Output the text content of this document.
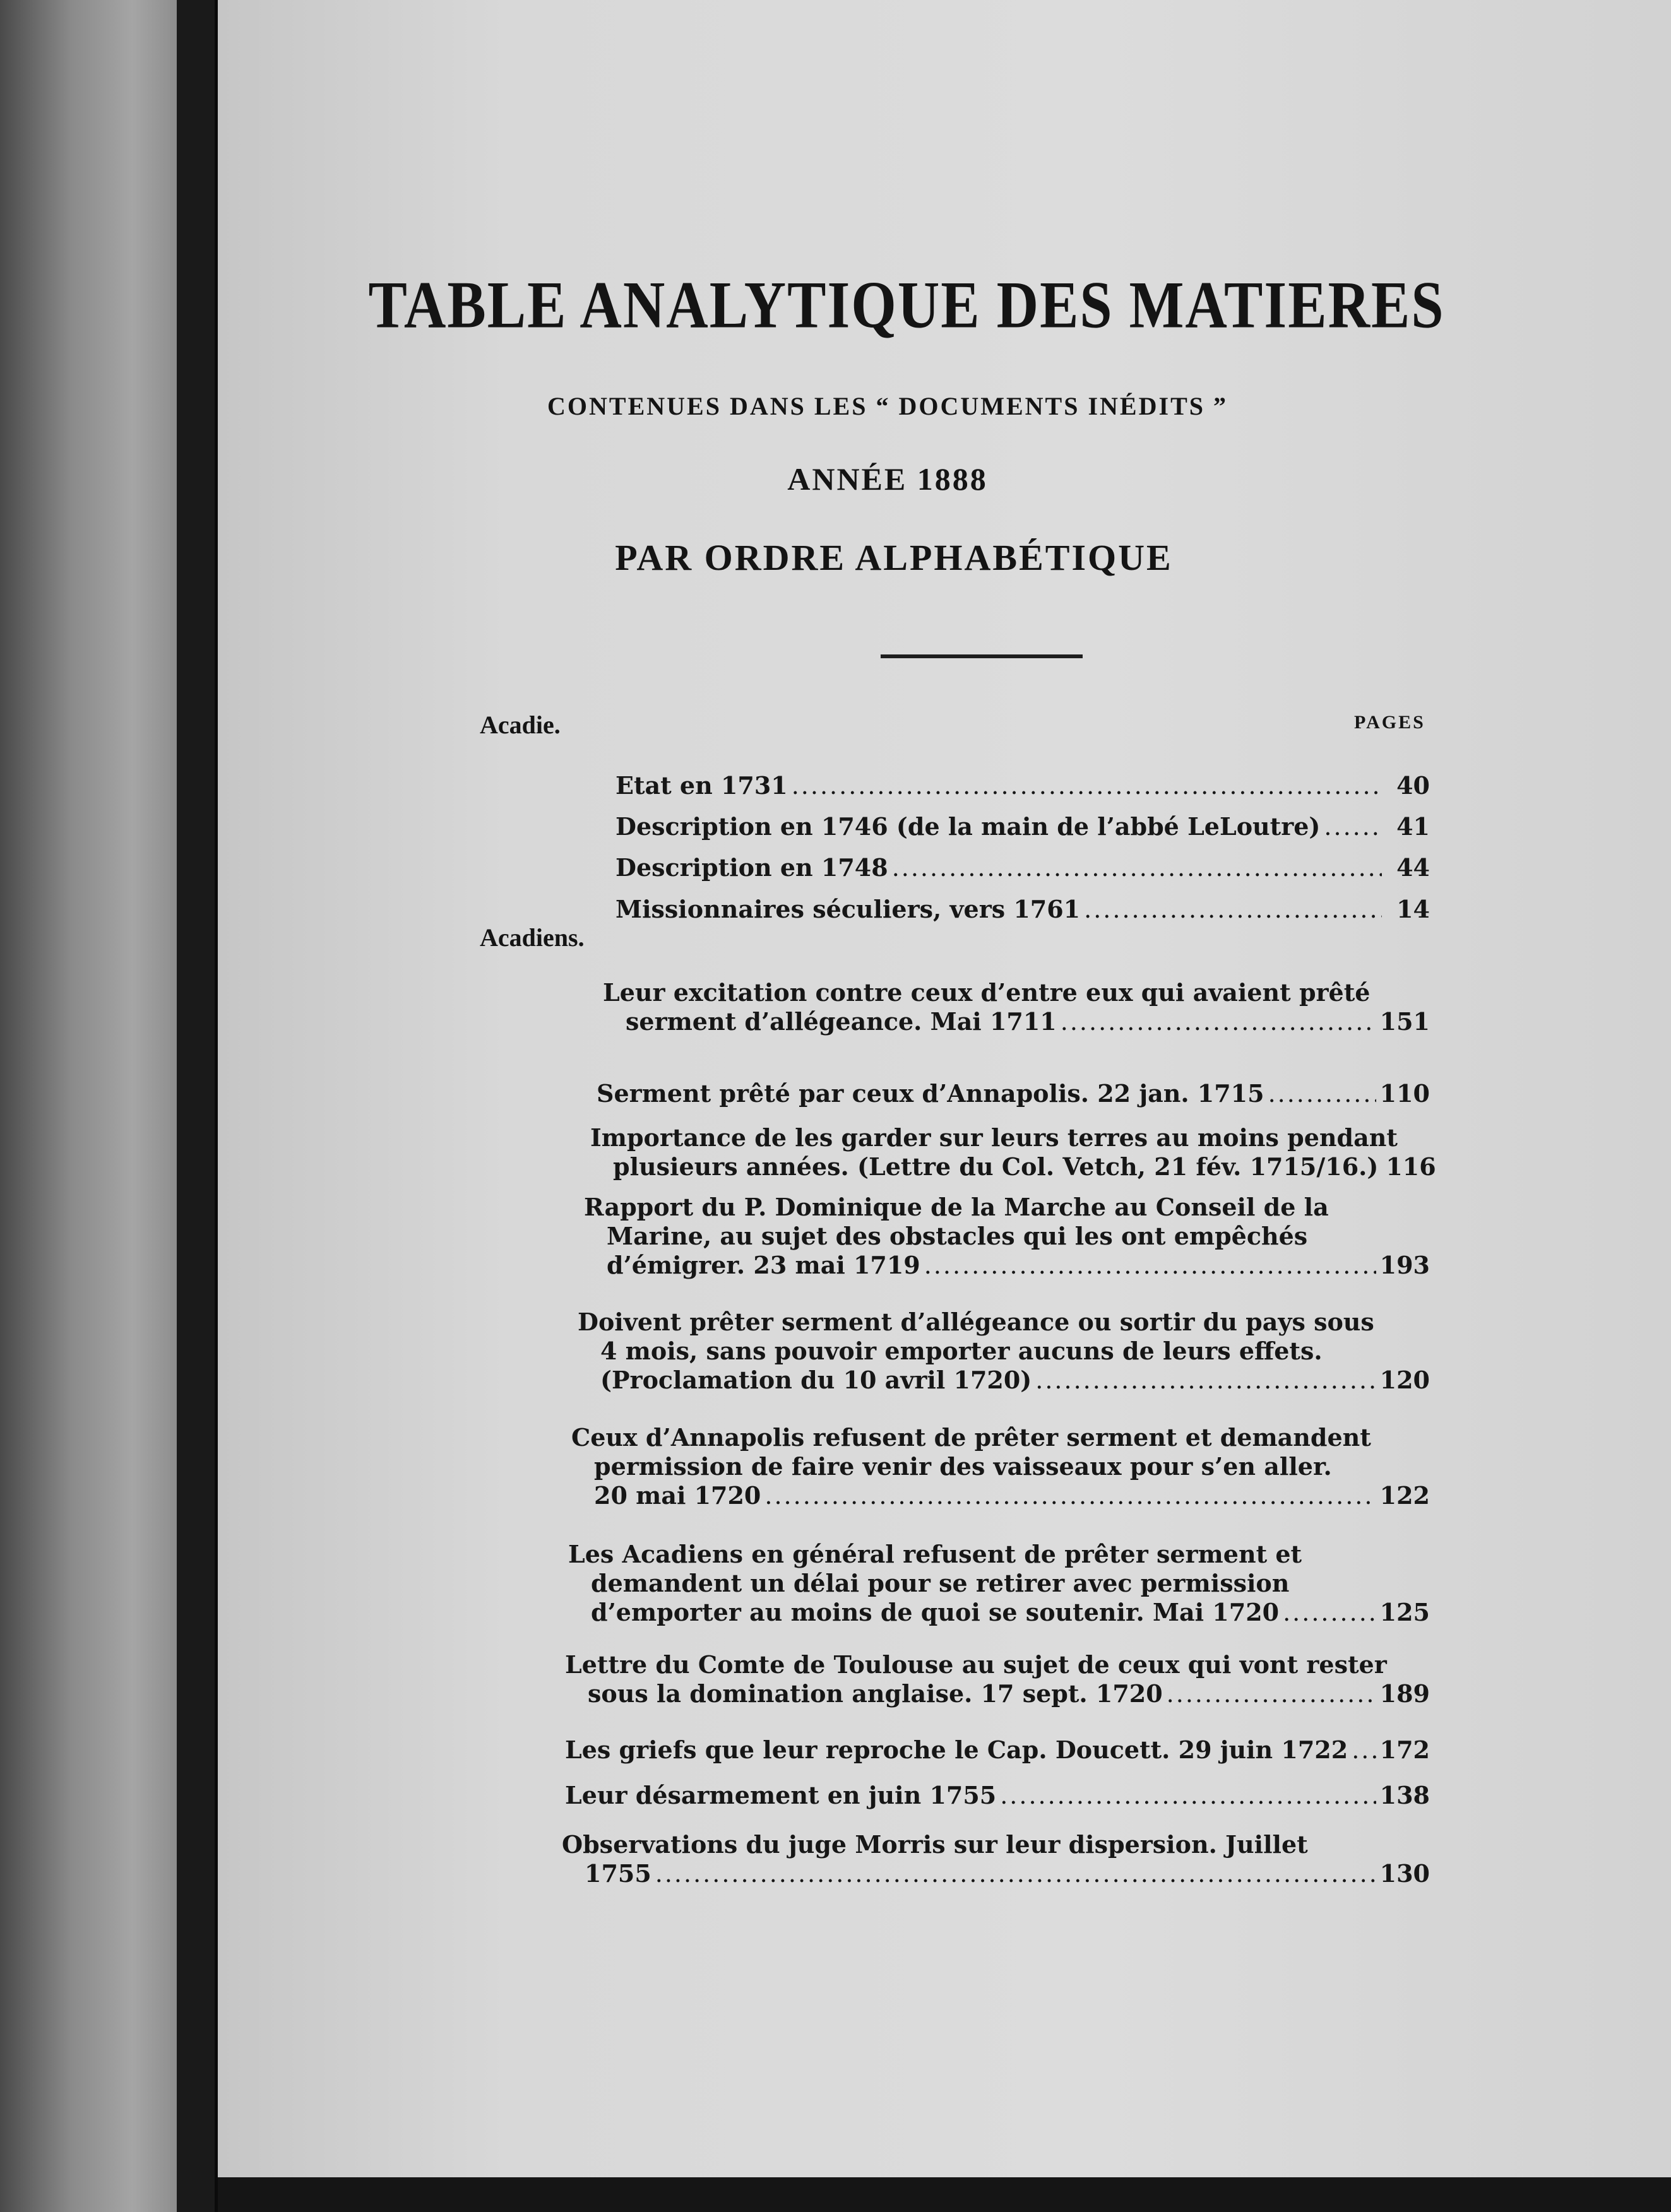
TABLE ANALYTIQUE DES MATIERES
CONTENUES DANS LES “ DOCUMENTS INÉDITS ”
ANNÉE 1888
PAR ORDRE ALPHABÉTIQUE
PAGES
Acadie.
Etat en 1731 .....	40
Description en 1746 (de la main de l’abbé LeLoutre) .....	41
Description en 1748 .....	44
Missionnaires séculiers, vers 1761 .....	14
Acadiens.
Leur excitation contre ceux d’entre eux qui avaient prêté
serment d’allégeance. Mai 1711 .....	151
Serment prêté par ceux d’Annapolis. 22 jan. 1715 .....	110
Importance de les garder sur leurs terres au moins pendant
plusieurs années. (Lettre du Col. Vetch, 21 fév. 1715/16.) 116
Rapport du P. Dominique de la Marche au Conseil de la
Marine, au sujet des obstacles qui les ont empêchés
d’émigrer. 23 mai 1719 .....	193
Doivent prêter serment d’allégeance ou sortir du pays sous
4 mois, sans pouvoir emporter aucuns de leurs effets.
(Proclamation du 10 avril 1720) .....	120
Ceux d’Annapolis refusent de prêter serment et demandent
permission de faire venir des vaisseaux pour s’en aller.
20 mai 1720 .....	122
Les Acadiens en général refusent de prêter serment et
demandent un délai pour se retirer avec permission
d’emporter au moins de quoi se soutenir. Mai 1720 .....	125
Lettre du Comte de Toulouse au sujet de ceux qui vont rester
sous la domination anglaise. 17 sept. 1720 .....	189
Les griefs que leur reproche le Cap. Doucett. 29 juin 1722 ..... 172
Leur désarmement en juin 1755 .....	138
Observations du juge Morris sur leur dispersion. Juillet
1755 .....	130
